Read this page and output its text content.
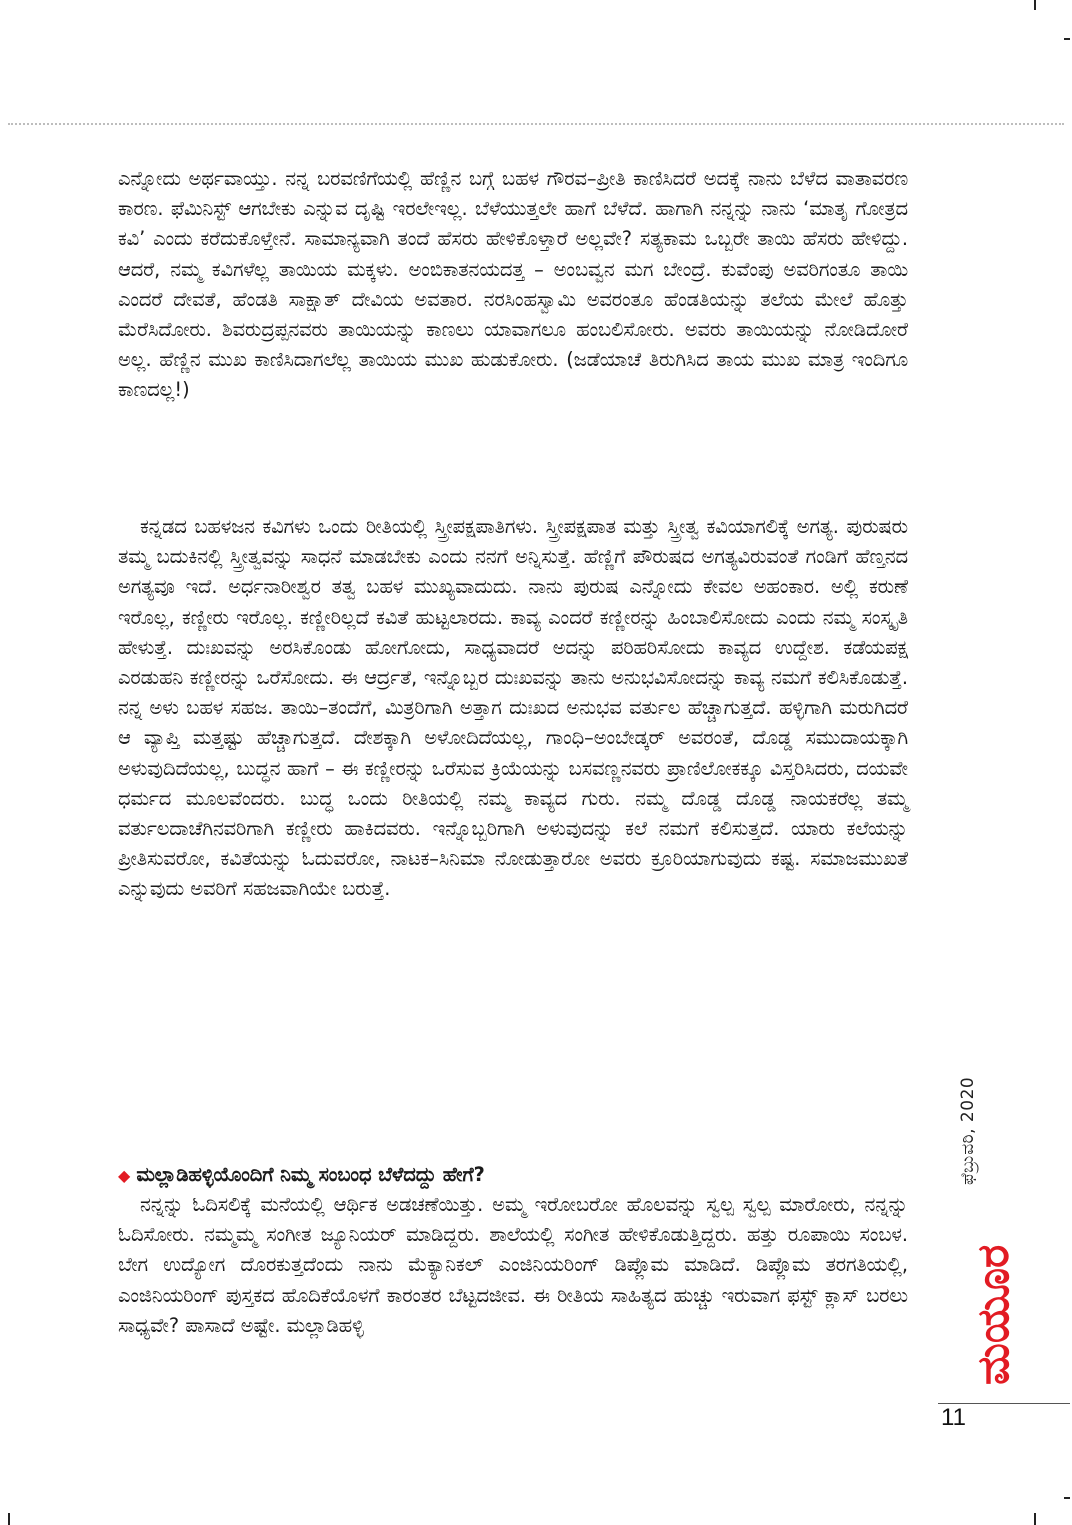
ಎನ್ನೋದು ಅರ್ಥವಾಯ್ತು. ನನ್ನ ಬರವಣಿಗೆಯಲ್ಲಿ ಹೆಣ್ಣಿನ ಬಗ್ಗೆ ಬಹಳ ಗೌರವ–ಪ್ರೀತಿ ಕಾಣಿಸಿದರೆ ಅದಕ್ಕೆ ನಾನು ಬೆಳೆದ ವಾತಾವರಣ ಕಾರಣ. ಫೆಮಿನಿಸ್ಟ್ ಆಗಬೇಕು ಎನ್ನುವ ದೃಷ್ಟಿ ಇರಲೇಇಲ್ಲ. ಬೆಳೆಯುತ್ತಲೇ ಹಾಗೆ ಬೆಳೆದೆ. ಹಾಗಾಗಿ ನನ್ನನ್ನು ನಾನು ‘ಮಾತೃ ಗೋತ್ರದ ಕವಿ’ ಎಂದು ಕರೆದುಕೊಳ್ತೇನೆ. ಸಾಮಾನ್ಯವಾಗಿ ತಂದೆ ಹೆಸರು ಹೇಳಿಕೊಳ್ತಾರೆ ಅಲ್ಲವೇ? ಸತ್ಯಕಾಮ ಒಬ್ಬರೇ ತಾಯಿ ಹೆಸರು ಹೇಳಿದ್ದು. ಆದರೆ, ನಮ್ಮ ಕವಿಗಳೆಲ್ಲ ತಾಯಿಯ ಮಕ್ಕಳು. ಅಂಬಿಕಾತನಯದತ್ತ – ಅಂಬವ್ವನ ಮಗ ಬೇಂದ್ರೆ. ಕುವೆಂಪು ಅವರಿಗಂತೂ ತಾಯಿ ಎಂದರೆ ದೇವತೆ, ಹೆಂಡತಿ ಸಾಕ್ಷಾತ್ ದೇವಿಯ ಅವತಾರ. ನರಸಿಂಹಸ್ವಾಮಿ ಅವರಂತೂ ಹೆಂಡತಿಯನ್ನು ತಲೆಯ ಮೇಲೆ ಹೊತ್ತು ಮೆರೆಸಿದೋರು. ಶಿವರುದ್ರಪ್ಪನವರು ತಾಯಿಯನ್ನು ಕಾಣಲು ಯಾವಾಗಲೂ ಹಂಬಲಿಸೋರು. ಅವರು ತಾಯಿಯನ್ನು ನೋಡಿದೋರೆ ಅಲ್ಲ. ಹೆಣ್ಣಿನ ಮುಖ ಕಾಣಿಸಿದಾಗಲೆಲ್ಲ ತಾಯಿಯ ಮುಖ ಹುಡುಕೋರು. (ಜಡೆಯಾಚೆ ತಿರುಗಿಸಿದ ತಾಯ ಮುಖ ಮಾತ್ರ ಇಂದಿಗೂ ಕಾಣದಲ್ಲ!)

ಕನ್ನಡದ ಬಹಳಜನ ಕವಿಗಳು ಒಂದು ರೀತಿಯಲ್ಲಿ ಸ್ತ್ರೀಪಕ್ಷಪಾತಿಗಳು. ಸ್ತ್ರೀಪಕ್ಷಪಾತ ಮತ್ತು ಸ್ತ್ರೀತ್ವ ಕವಿಯಾಗಲಿಕ್ಕೆ ಅಗತ್ಯ. ಪುರುಷರು ತಮ್ಮ ಬದುಕಿನಲ್ಲಿ ಸ್ತ್ರೀತ್ವವನ್ನು ಸಾಧನೆ ಮಾಡಬೇಕು ಎಂದು ನನಗೆ ಅನ್ನಿಸುತ್ತೆ. ಹೆಣ್ಣಿಗೆ ಪೌರುಷದ ಅಗತ್ಯವಿರುವಂತೆ ಗಂಡಿಗೆ ಹೆಣ್ತನದ ಅಗತ್ಯವೂ ಇದೆ. ಅರ್ಧನಾರೀಶ್ವರ ತತ್ವ ಬಹಳ ಮುಖ್ಯವಾದುದು. ನಾನು ಪುರುಷ ಎನ್ನೋದು ಕೇವಲ ಅಹಂಕಾರ. ಅಲ್ಲಿ ಕರುಣೆ ಇರೊಲ್ಲ, ಕಣ್ಣೀರು ಇರೊಲ್ಲ. ಕಣ್ಣೀರಿಲ್ಲದೆ ಕವಿತೆ ಹುಟ್ಟಲಾರದು. ಕಾವ್ಯ ಎಂದರೆ ಕಣ್ಣೀರನ್ನು ಹಿಂಬಾಲಿಸೋದು ಎಂದು ನಮ್ಮ ಸಂಸ್ಕೃತಿ ಹೇಳುತ್ತೆ. ದುಃಖವನ್ನು ಅರಸಿಕೊಂಡು ಹೋಗೋದು, ಸಾಧ್ಯವಾದರೆ ಅದನ್ನು ಪರಿಹರಿಸೋದು ಕಾವ್ಯದ ಉದ್ದೇಶ. ಕಡೆಯಪಕ್ಷ ಎರಡುಹನಿ ಕಣ್ಣೀರನ್ನು ಒರೆಸೋದು. ಈ ಆರ್ದ್ರತೆ, ಇನ್ನೊಬ್ಬರ ದುಃಖವನ್ನು ತಾನು ಅನುಭವಿಸೋದನ್ನು ಕಾವ್ಯ ನಮಗೆ ಕಲಿಸಿಕೊಡುತ್ತೆ. ನನ್ನ ಅಳು ಬಹಳ ಸಹಜ. ತಾಯಿ–ತಂದೆಗೆ, ಮಿತ್ರರಿಗಾಗಿ ಅತ್ತಾಗ ದುಃಖದ ಅನುಭವ ವರ್ತುಲ ಹೆಚ್ಚಾಗುತ್ತದೆ. ಹಳ್ಳಿಗಾಗಿ ಮರುಗಿದರೆ ಆ ವ್ಯಾಪ್ತಿ ಮತ್ತಷ್ಟು ಹೆಚ್ಚಾಗುತ್ತದೆ. ದೇಶಕ್ಕಾಗಿ ಅಳೋದಿದೆಯಲ್ಲ, ಗಾಂಧಿ–ಅಂಬೇಡ್ಕರ್ ಅವರಂತೆ, ದೊಡ್ಡ ಸಮುದಾಯಕ್ಕಾಗಿ ಅಳುವುದಿದೆಯಲ್ಲ, ಬುದ್ಧನ ಹಾಗೆ – ಈ ಕಣ್ಣೀರನ್ನು ಒರೆಸುವ ಕ್ರಿಯೆಯನ್ನು ಬಸವಣ್ಣನವರು ಪ್ರಾಣಿಲೋಕಕ್ಕೂ ವಿಸ್ತರಿಸಿದರು, ದಯವೇ ಧರ್ಮದ ಮೂಲವೆಂದರು. ಬುದ್ಧ ಒಂದು ರೀತಿಯಲ್ಲಿ ನಮ್ಮ ಕಾವ್ಯದ ಗುರು. ನಮ್ಮ ದೊಡ್ಡ ದೊಡ್ಡ ನಾಯಕರೆಲ್ಲ ತಮ್ಮ ವರ್ತುಲದಾಚೆಗಿನವರಿಗಾಗಿ ಕಣ್ಣೀರು ಹಾಕಿದವರು. ಇನ್ನೊಬ್ಬರಿಗಾಗಿ ಅಳುವುದನ್ನು ಕಲೆ ನಮಗೆ ಕಲಿಸುತ್ತದೆ. ಯಾರು ಕಲೆಯನ್ನು ಪ್ರೀತಿಸುವರೋ, ಕವಿತೆಯನ್ನು ಓದುವರೋ, ನಾಟಕ–ಸಿನಿಮಾ ನೋಡುತ್ತಾರೋ ಅವರು ಕ್ರೂರಿಯಾಗುವುದು ಕಷ್ಟ. ಸಮಾಜಮುಖತೆ ಎನ್ನುವುದು ಅವರಿಗೆ ಸಹಜವಾಗಿಯೇ ಬರುತ್ತೆ.

◆ ಮಲ್ಲಾಡಿಹಳ್ಳಿಯೊಂದಿಗೆ ನಿಮ್ಮ ಸಂಬಂಧ ಬೆಳೆದದ್ದು ಹೇಗೆ?

ನನ್ನನ್ನು ಓದಿಸಲಿಕ್ಕೆ ಮನೆಯಲ್ಲಿ ಆರ್ಥಿಕ ಅಡಚಣೆಯಿತ್ತು. ಅಮ್ಮ ಇರೋಬರೋ ಹೊಲವನ್ನು ಸ್ವಲ್ಪ ಸ್ವಲ್ಪ ಮಾರೋರು, ನನ್ನನ್ನು ಓದಿಸೋರು. ನಮ್ಮಮ್ಮ ಸಂಗೀತ ಜ್ಯೂನಿಯರ್ ಮಾಡಿದ್ದರು. ಶಾಲೆಯಲ್ಲಿ ಸಂಗೀತ ಹೇಳಿಕೊಡುತ್ತಿದ್ದರು. ಹತ್ತು ರೂಪಾಯಿ ಸಂಬಳ. ಬೇಗ ಉದ್ಯೋಗ ದೊರಕುತ್ತದೆಂದು ನಾನು ಮೆಕ್ಯಾನಿಕಲ್ ಎಂಜಿನಿಯರಿಂಗ್ ಡಿಪ್ಲೊಮ ಮಾಡಿದೆ. ಡಿಪ್ಲೊಮ ತರಗತಿಯಲ್ಲಿ, ಎಂಜಿನಿಯರಿಂಗ್ ಪುಸ್ತಕದ ಹೊದಿಕೆಯೊಳಗೆ ಕಾರಂತರ ಬೆಟ್ಟದಜೀವ. ಈ ರೀತಿಯ ಸಾಹಿತ್ಯದ ಹುಚ್ಚು ಇರುವಾಗ ಫಸ್ಟ್ ಕ್ಲಾಸ್ ಬರಲು ಸಾಧ್ಯವೇ? ಪಾಸಾದೆ ಅಷ್ಟೇ. ಮಲ್ಲಾಡಿಹಳ್ಳಿ

ಫೆಬ್ರುವರಿ, 2020
ಮಯೂರ
11
